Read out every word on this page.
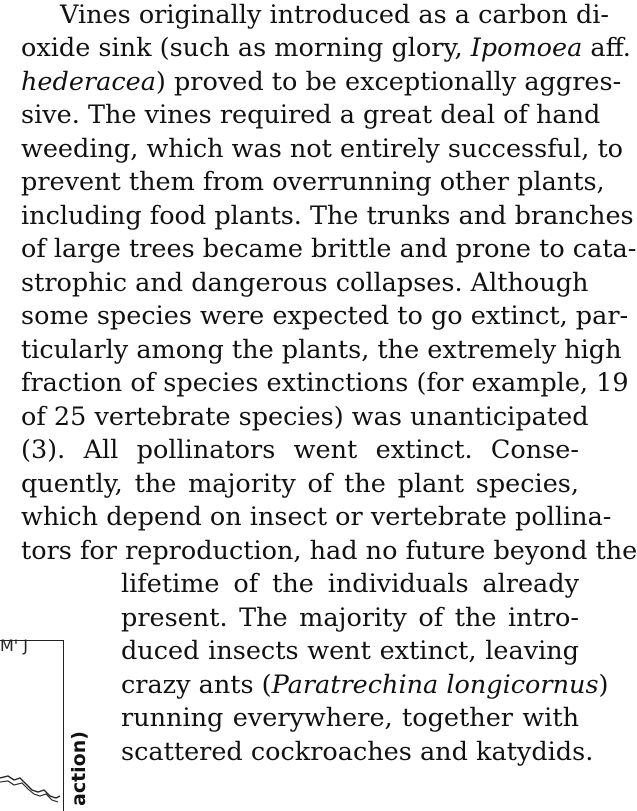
Vines originally introduced as a carbon di-
oxide sink (such as morning glory, Ipomoea aff.
hederacea) proved to be exceptionally aggres-
sive. The vines required a great deal of hand
weeding, which was not entirely successful, to
prevent them from overrunning other plants,
including food plants. The trunks and branches
of large trees became brittle and prone to cata-
strophic and dangerous collapses. Although
some species were expected to go extinct, par-
ticularly among the plants, the extremely high
fraction of species extinctions (for example, 19
of 25 vertebrate species) was unanticipated
(3). All pollinators went extinct. Conse-
quently, the majority of the plant species,
which depend on insect or vertebrate pollina-
tors for reproduction, had no future beyond the
lifetime of the individuals already
present. The majority of the intro-
duced insects went extinct, leaving
crazy ants (Paratrechina longicornus)
running everywhere, together with
scattered cockroaches and katydids.
M' J
action)
